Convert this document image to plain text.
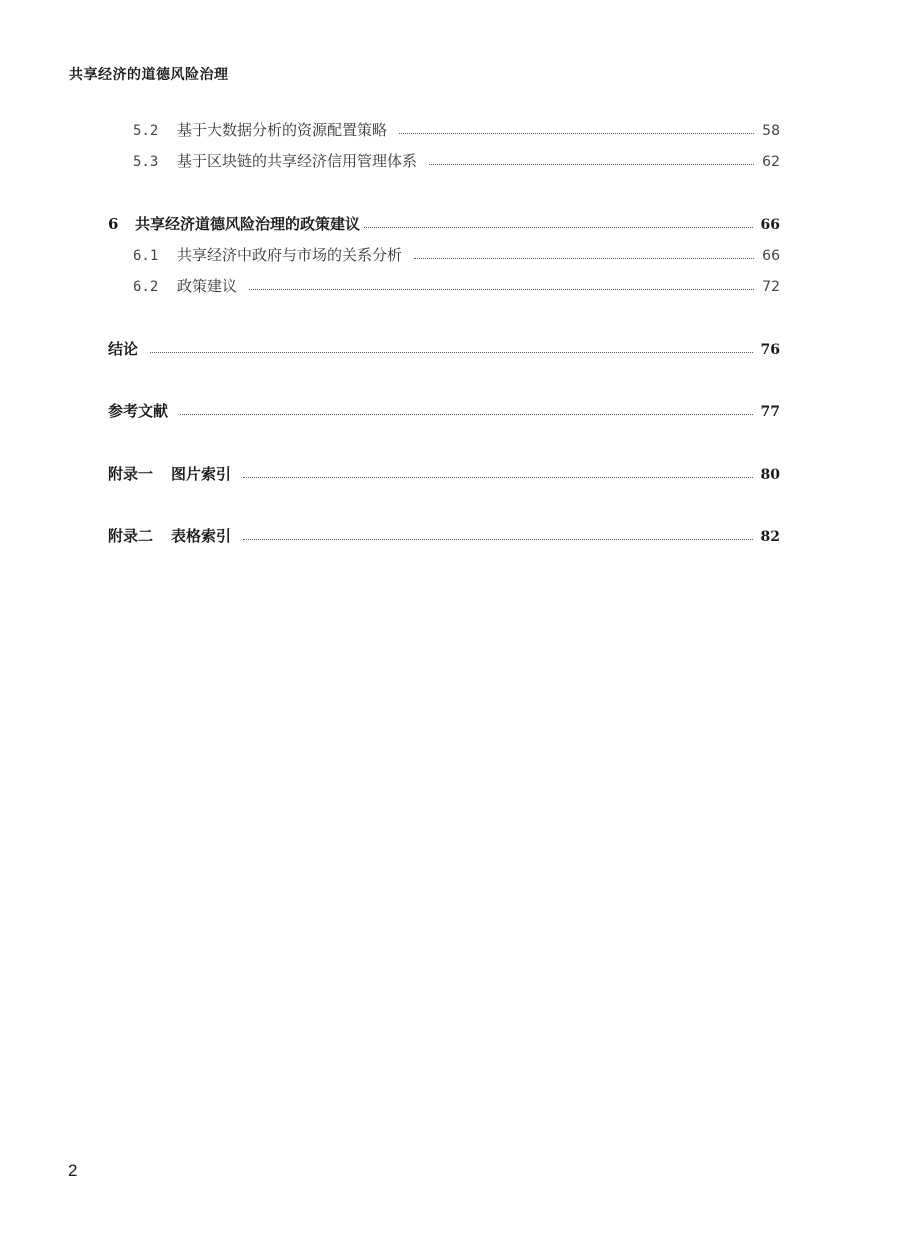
共享经济的道德风险治理
5.2	基于大数据分析的资源配置策略	58
5.3	基于区块链的共享经济信用管理体系	62
6	共享经济道德风险治理的政策建议	66
6.1	共享经济中政府与市场的关系分析	66
6.2	政策建议	72
结论	76
参考文献	77
附录一 图片索引	80
附录二 表格索引	82
2
